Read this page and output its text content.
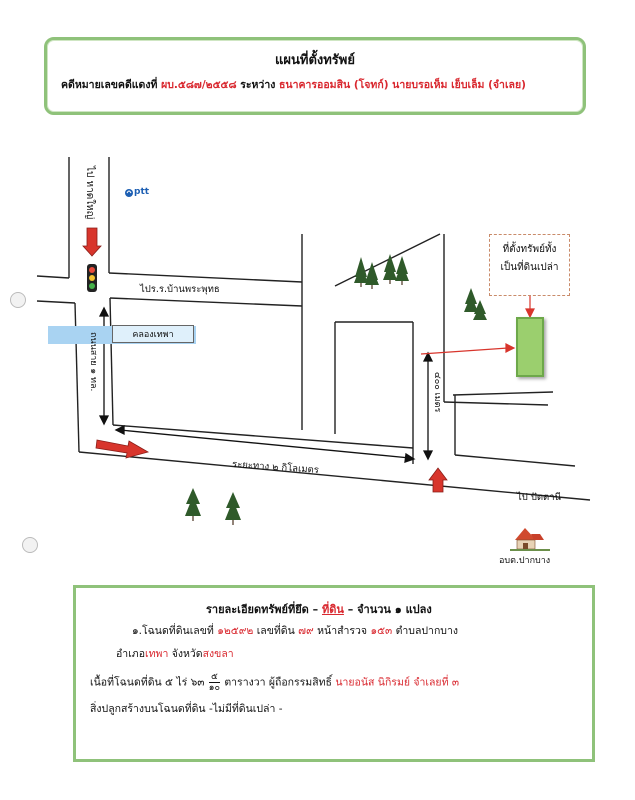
แผนที่ตั้งทรัพย์
คดีหมายเลขคดีแดงที่ ผบ.๕๘๗/๒๕๕๘ ระหว่าง ธนาคารออมสิน (โจทก์) นายบรอเห็ม เย็บเล็ม (จำเลย)
คลองเทพา
ไป หาดใหญ่	ptt
ไปร.ร.บ้านพระพุทธ
ถนนสาย ๑ ทล.
ระยะทาง ๒ กิโลเมตร
๔๐๐ เมตร
ไป ปัตตานี
อบต.ปากบาง
ที่ตั้งทรัพย์ทั้ง
เป็นที่ดินเปล่า
รายละเอียดทรัพย์ที่ยึด – ที่ดิน – จำนวน ๑ แปลง
๑.โฉนดที่ดินเลขที่ ๑๒๕๙๒ เลขที่ดิน ๗๙ หน้าสำรวจ ๑๕๓ ตำบลปากบาง
อำเภอเทพา จังหวัดสงขลา
เนื้อที่โฉนดที่ดิน ๕ ไร่ ๖๓ ๕
๑๐ ตารางวา ผู้ถือกรรมสิทธิ์ นายอนัส นิกิรมย์ จำเลยที่ ๓
สิ่งปลูกสร้างบนโฉนดที่ดิน -ไม่มีที่ดินเปล่า -
